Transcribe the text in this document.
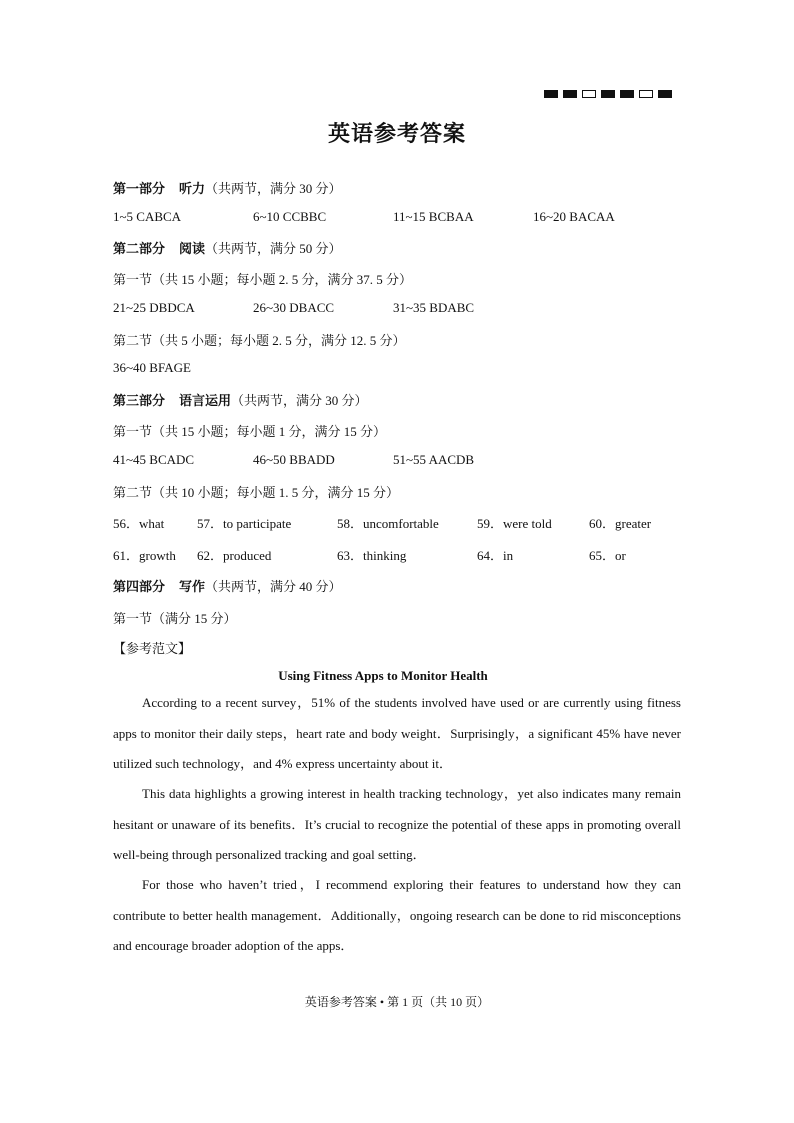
英语参考答案
第一部分 听力（共两节，满分 30 分）
1~5 CABCA	6~10 CCBBC	11~15 BCBAA	16~20 BACAA
第二部分 阅读（共两节，满分 50 分）
第一节（共 15 小题；每小题 2. 5 分，满分 37. 5 分）
21~25 DBDCA	26~30 DBACC	31~35 BDABC
第二节（共 5 小题；每小题 2. 5 分，满分 12. 5 分）
36~40 BFAGE
第三部分 语言运用（共两节，满分 30 分）
第一节（共 15 小题；每小题 1 分，满分 15 分）
41~45 BCADC	46~50 BBADD	51~55 AACDB
第二节（共 10 小题；每小题 1. 5 分，满分 15 分）
56．what	57．to participate	58．uncomfortable	59．were told	60．greater
61．growth 62．produced	63．thinking	64．in	65．or
第四部分 写作（共两节，满分 40 分）
第一节（满分 15 分）
【参考范文】
Using Fitness Apps to Monitor Health
According to a recent survey，51% of the students involved have used or are currently using fitness apps to monitor their daily steps，heart rate and body weight．Surprisingly，a significant 45% have never utilized such technology，and 4% express uncertainty about it．
This data highlights a growing interest in health tracking technology，yet also indicates many remain hesitant or unaware of its benefits．It’s crucial to recognize the potential of these apps in promoting overall well-being through personalized tracking and goal setting．
For those who haven’t tried，I recommend exploring their features to understand how they can contribute to better health management．Additionally，ongoing research can be done to rid misconceptions and encourage broader adoption of the apps．
英语参考答案 • 第 1 页（共 10 页）
